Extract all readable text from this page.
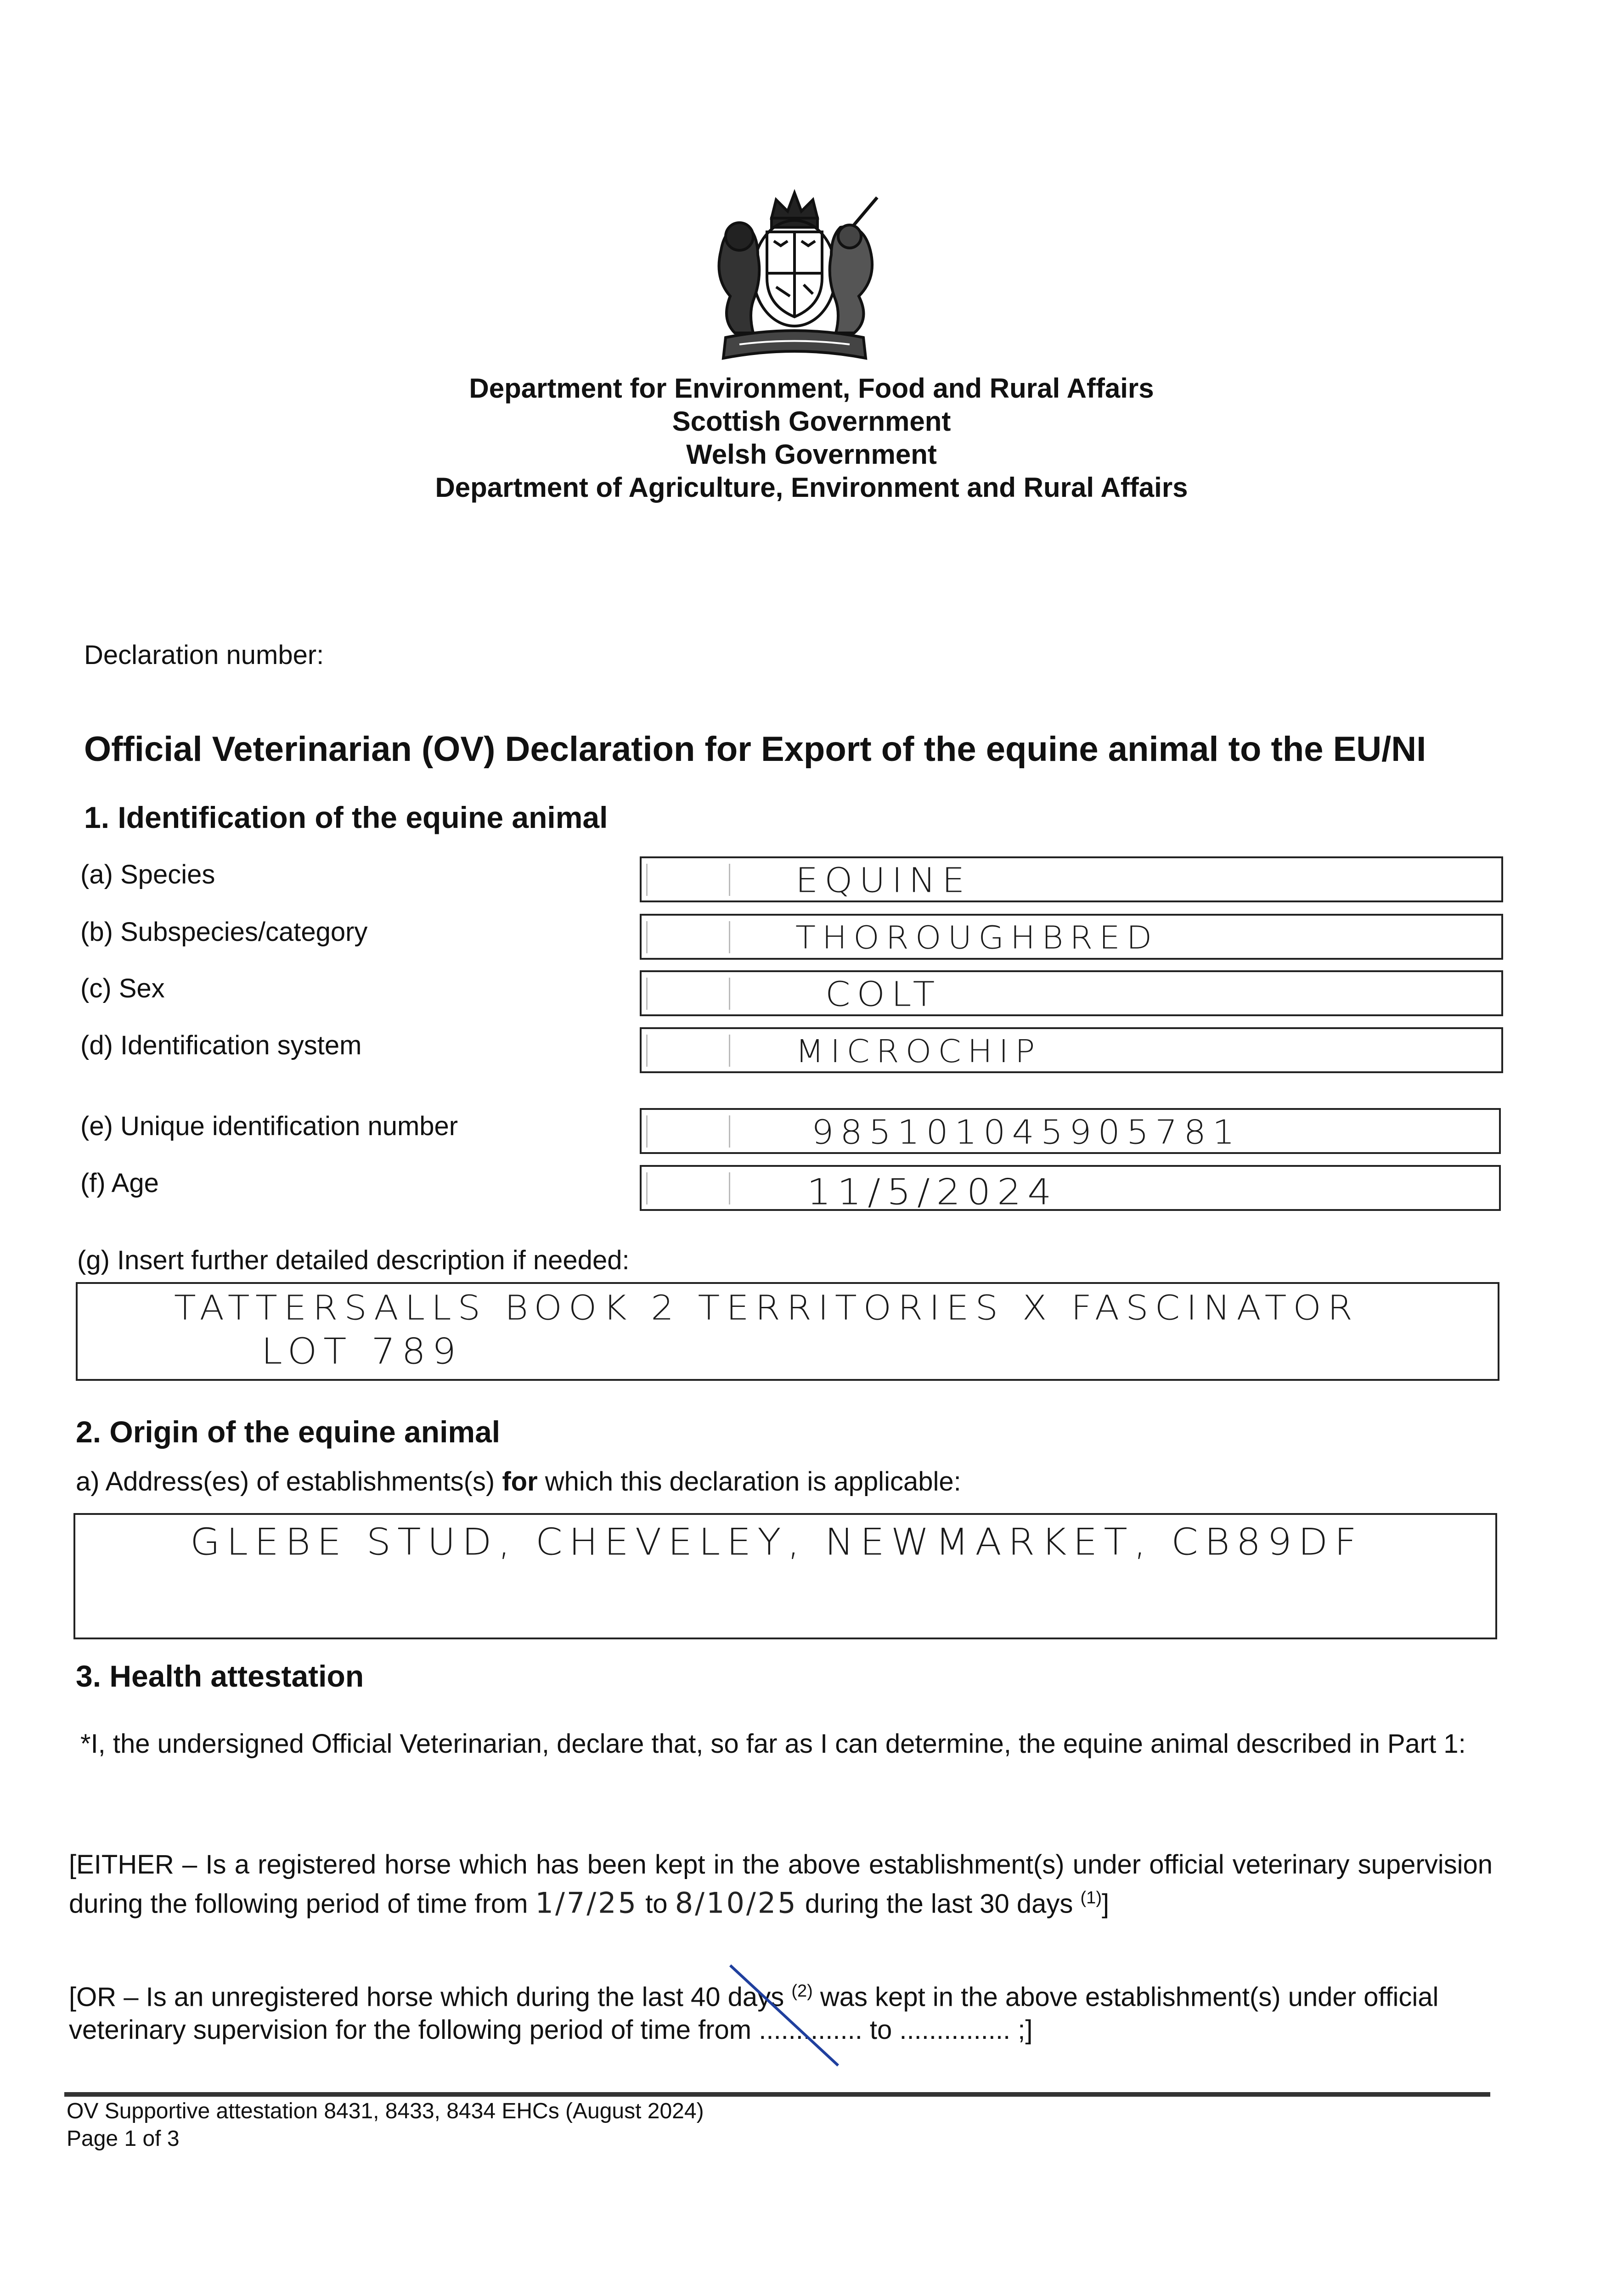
Department for Environment, Food and Rural Affairs
Scottish Government
Welsh Government
Department of Agriculture, Environment and Rural Affairs
Declaration number:
Official Veterinarian (OV) Declaration for Export of the equine animal to the EU/NI
1. Identification of the equine animal
(a) Species	EQUINE
(b) Subspecies/category	THOROUGHBRED
(c) Sex	COLT
(d) Identification system	MICROCHIP
(e) Unique identification number	985101045905781
(f) Age	11/5/2024
(g) Insert further detailed description if needed:
TATTERSALLS BOOK 2 TERRITORIES X FASCINATOR
LOT 789
2. Origin of the equine animal
a) Address(es) of establishments(s) for which this declaration is applicable:
GLEBE STUD, CHEVELEY, NEWMARKET, CB89DF
3. Health attestation
*I, the undersigned Official Veterinarian, declare that, so far as I can determine, the equine animal described in Part 1:
[EITHER – Is a registered horse which has been kept in the above establishment(s) under official veterinary supervision during the following period of time from 1/7/25 to 8/10/25 during the last 30 days $^{(1)}$]
[OR – Is an unregistered horse which during the last 40 days $^{(2)}$ was kept in the above establishment(s) under official veterinary supervision for the following period of time from .............. to ............... ;]
OV Supportive attestation 8431, 8433, 8434 EHCs (August 2024)
Page 1 of 3
